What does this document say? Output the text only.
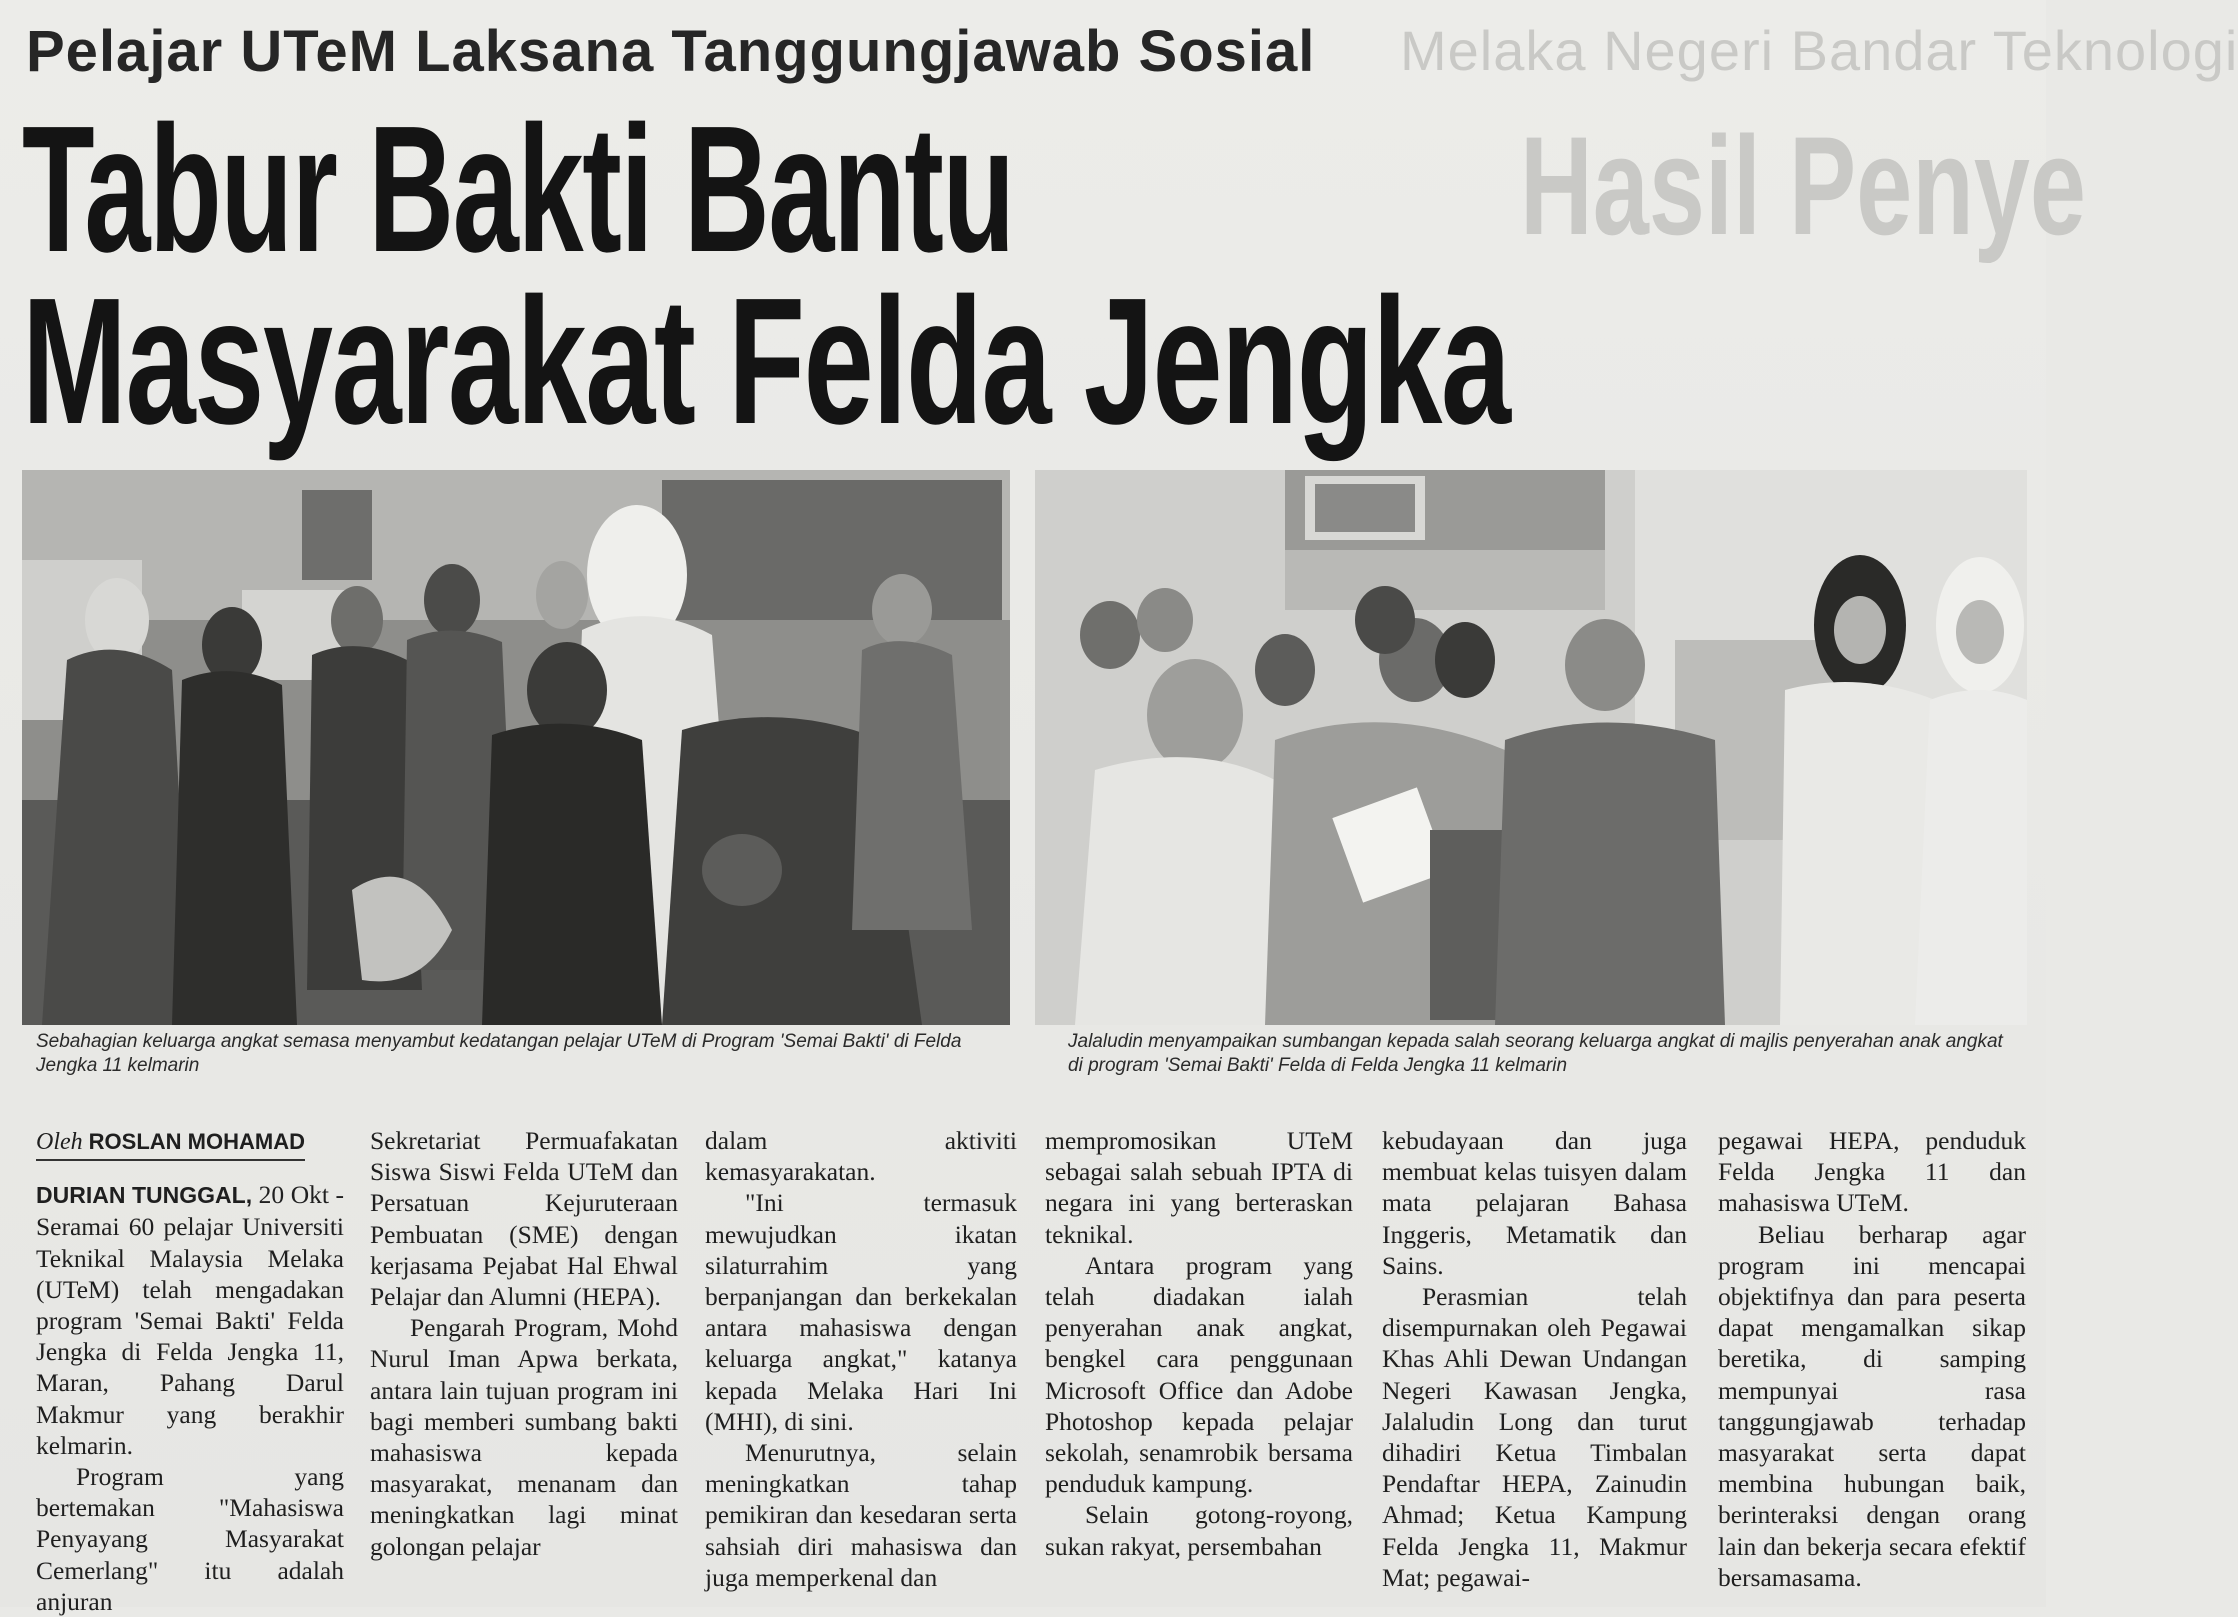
Melaka Negeri Bandar Teknologi
Hasil Penye
Pelajar UTeM Laksana Tanggungjawab Sosial
Tabur Bakti Bantu
Masyarakat Felda Jengka
Sebahagian keluarga angkat semasa menyambut kedatangan pelajar UTeM di Program 'Semai Bakti' di Felda Jengka 11 kelmarin
Jalaludin menyampaikan sumbangan kepada salah seorang keluarga angkat di majlis penyerahan anak angkat di program 'Semai Bakti' Felda di Felda Jengka 11 kelmarin
Oleh ROSLAN MOHAMAD

DURIAN TUNGGAL, 20 Okt - Seramai 60 pelajar Universiti Teknikal Malaysia Melaka (UTeM) telah mengadakan program 'Semai Bakti' Felda Jengka di Felda Jengka 11, Maran, Pahang Darul Makmur yang berakhir kelmarin.

Program yang bertemakan "Mahasiswa Penyayang Masyarakat Cemerlang" itu adalah anjuran

Sekretariat Permuafakatan Siswa Siswi Felda UTeM dan Persatuan Kejuruteraan Pembuatan (SME) dengan kerjasama Pejabat Hal Ehwal Pelajar dan Alumni (HEPA).

Pengarah Program, Mohd Nurul Iman Apwa berkata, antara lain tujuan program ini bagi memberi sumbang bakti mahasiswa kepada masyarakat, menanam dan meningkatkan lagi minat golongan pelajar

dalam aktiviti kemasyarakatan.

"Ini termasuk mewujudkan ikatan silaturrahim yang berpanjangan dan berkekalan antara mahasiswa dengan keluarga angkat," katanya kepada Melaka Hari Ini (MHI), di sini.

Menurutnya, selain meningkatkan tahap pemikiran dan kesedaran serta sahsiah diri mahasiswa dan juga memperkenal dan

mempromosikan UTeM sebagai salah sebuah IPTA di negara ini yang berteraskan teknikal.

Antara program yang telah diadakan ialah penyerahan anak angkat, bengkel cara penggunaan Microsoft Office dan Adobe Photoshop kepada pelajar sekolah, senamrobik bersama penduduk kampung.

Selain gotong-royong, sukan rakyat, persembahan

kebudayaan dan juga membuat kelas tuisyen dalam mata pelajaran Bahasa Inggeris, Metamatik dan Sains.

Perasmian telah disempurnakan oleh Pegawai Khas Ahli Dewan Undangan Negeri Kawasan Jengka, Jalaludin Long dan turut dihadiri Ketua Timbalan Pendaftar HEPA, Zainudin Ahmad; Ketua Kampung Felda Jengka 11, Makmur Mat; pegawai-

pegawai HEPA, penduduk Felda Jengka 11 dan mahasiswa UTeM.

Beliau berharap agar program ini mencapai objektifnya dan para peserta dapat mengamalkan sikap beretika, di samping mempunyai rasa tanggungjawab terhadap masyarakat serta dapat membina hubungan baik, berinteraksi dengan orang lain dan bekerja secara efektif bersamasama.
